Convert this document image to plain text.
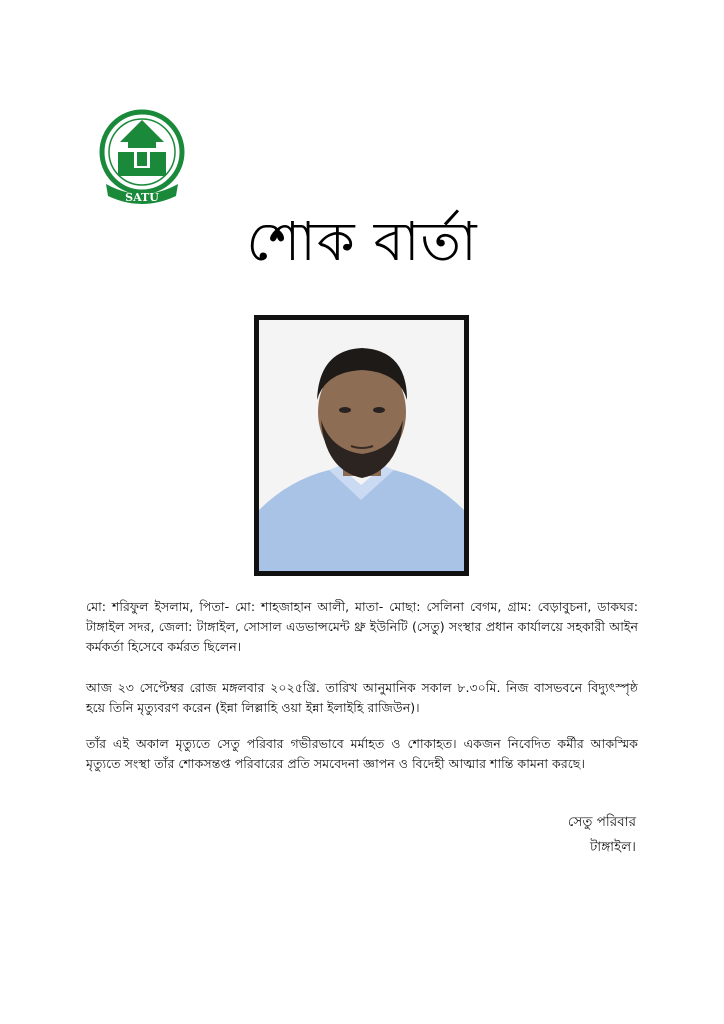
SATU
শোক বার্তা

মো: শরিফুল ইসলাম, পিতা- মো: শাহজাহান আলী, মাতা- মোছা: সেলিনা বেগম, গ্রাম: বেড়াবুচনা, ডাকঘর: টাঙ্গাইল সদর, জেলা: টাঙ্গাইল, সোসাল এডভান্সমেন্ট থ্রু ইউনিটি (সেতু) সংস্থার প্রধান কার্যালয়ে সহকারী আইন কর্মকর্তা হিসেবে কর্মরত ছিলেন।

আজ ২৩ সেপ্টেম্বর রোজ মঙ্গলবার ২০২৫খ্রি. তারিখ আনুমানিক সকাল ৮.৩০মি. নিজ বাসভবনে বিদ্যুৎস্পৃষ্ঠ হয়ে তিনি মৃত্যুবরণ করেন (ইন্না লিল্লাহি ওয়া ইন্না ইলাইহি রাজিউন)।

তাঁর এই অকাল মৃত্যুতে সেতু পরিবার গভীরভাবে মর্মাহত ও শোকাহত। একজন নিবেদিত কর্মীর আকস্মিক মৃত্যুতে সংস্থা তাঁর শোকসন্তপ্ত পরিবারের প্রতি সমবেদনা জ্ঞাপন ও বিদেহী আত্মার শান্তি কামনা করছে।

সেতু পরিবার

টাঙ্গাইল।
